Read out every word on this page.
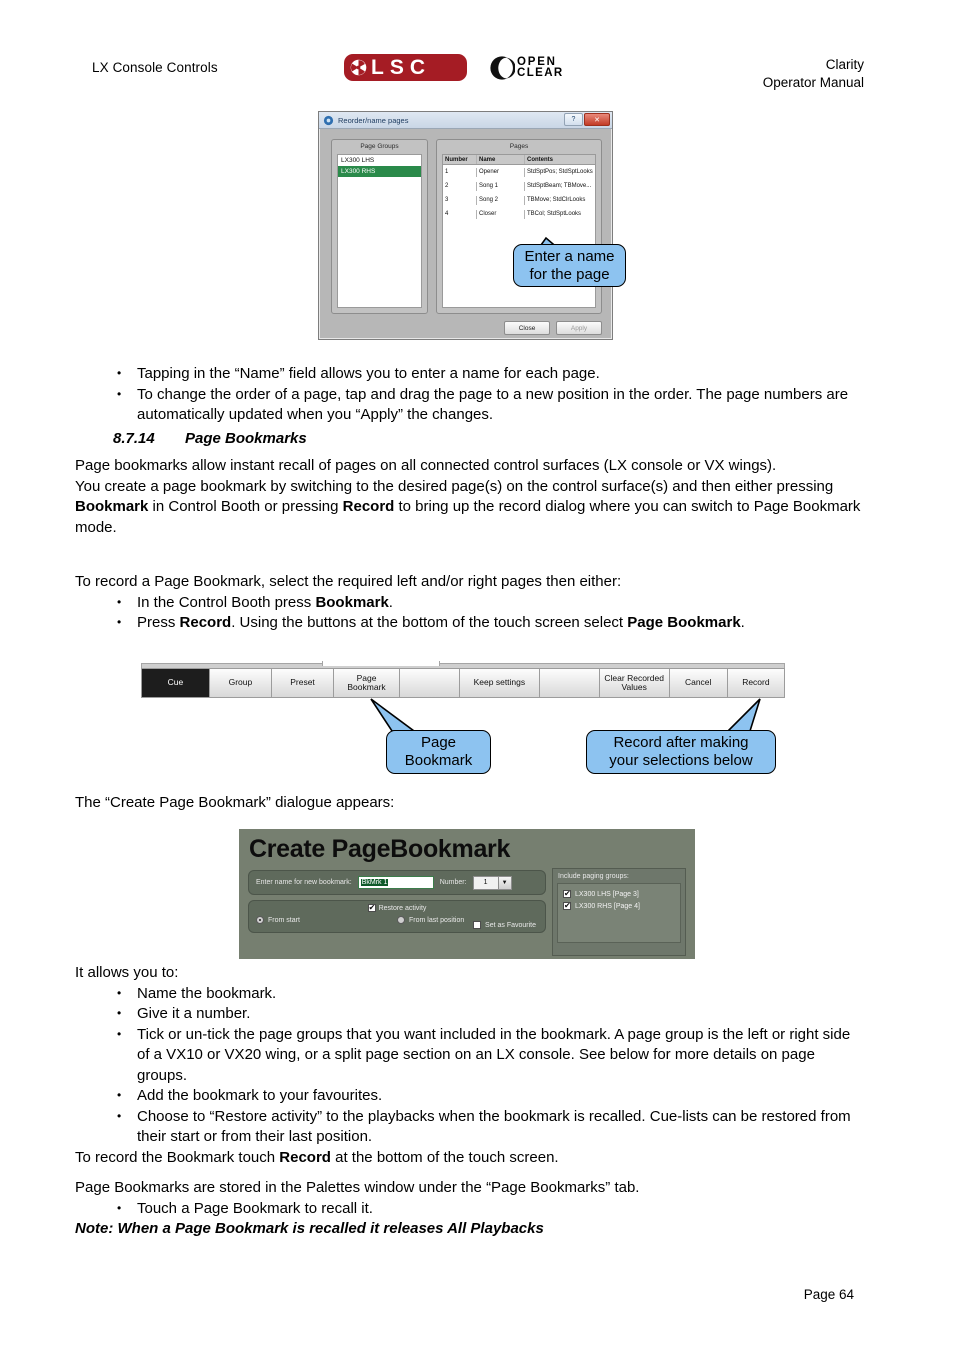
LX Console Controls	LSC	OPEN
CLEAR
Clarity
Operator Manual
Reorder/name pages	?	✕
Page Groups
LX300 LHS
LX300 RHS
Pages
Number	Name	Contents
1	Opener	StdSptPos; StdSptLooks
2	Song 1	StdSptBeam; TBMove...
3	Song 2	TBMove; StdClrLooks
4	Closer	TBCol; StdSptLooks
Close	Apply
Enter a name
for the page
• Tapping in the “Name” field allows you to enter a name for each page.
• To change the order of a page, tap and drag the page to a new position in the order. The page numbers are automatically updated when you “Apply” the changes.
8.7.14 Page Bookmarks

Page bookmarks allow instant recall of pages on all connected control surfaces (LX console or VX wings).

You create a page bookmark by switching to the desired page(s) on the control surface(s) and then either pressing Bookmark in Control Booth or pressing Record to bring up the record dialog where you can switch to Page Bookmark mode.

To record a Page Bookmark, select the required left and/or right pages then either:

• In the Control Booth press Bookmark.
• Press Record. Using the buttons at the bottom of the touch screen select Page Bookmark.
Cue	Group	Preset	Page
Bookmark	Keep settings	Clear Recorded
Values	Cancel	Record
Page
Bookmark
Record after making
your selections below

The “Create Page Bookmark” dialogue appears:

Create PageBookmark
Enter name for new bookmark: BkMrk 1	Number:	1	▼
✔
Restore activity
From start	From last position
Set as Favourite
Include paging groups:
✔
LX300 LHS [Page 3]
✔
LX300 RHS [Page 4]

It allows you to:

• Name the bookmark.
• Give it a number.
• Tick or un-tick the page groups that you want included in the bookmark. A page group is the left or right side of a VX10 or VX20 wing, or a split page section on an LX console. See below for more details on page groups.
• Add the bookmark to your favourites.
• Choose to “Restore activity” to the playbacks when the bookmark is recalled. Cue-lists can be restored from their start or from their last position.

To record the Bookmark touch Record at the bottom of the touch screen.

Page Bookmarks are stored in the Palettes window under the “Page Bookmarks” tab.

• Touch a Page Bookmark to recall it.

Note: When a Page Bookmark is recalled it releases All Playbacks

Page 64
